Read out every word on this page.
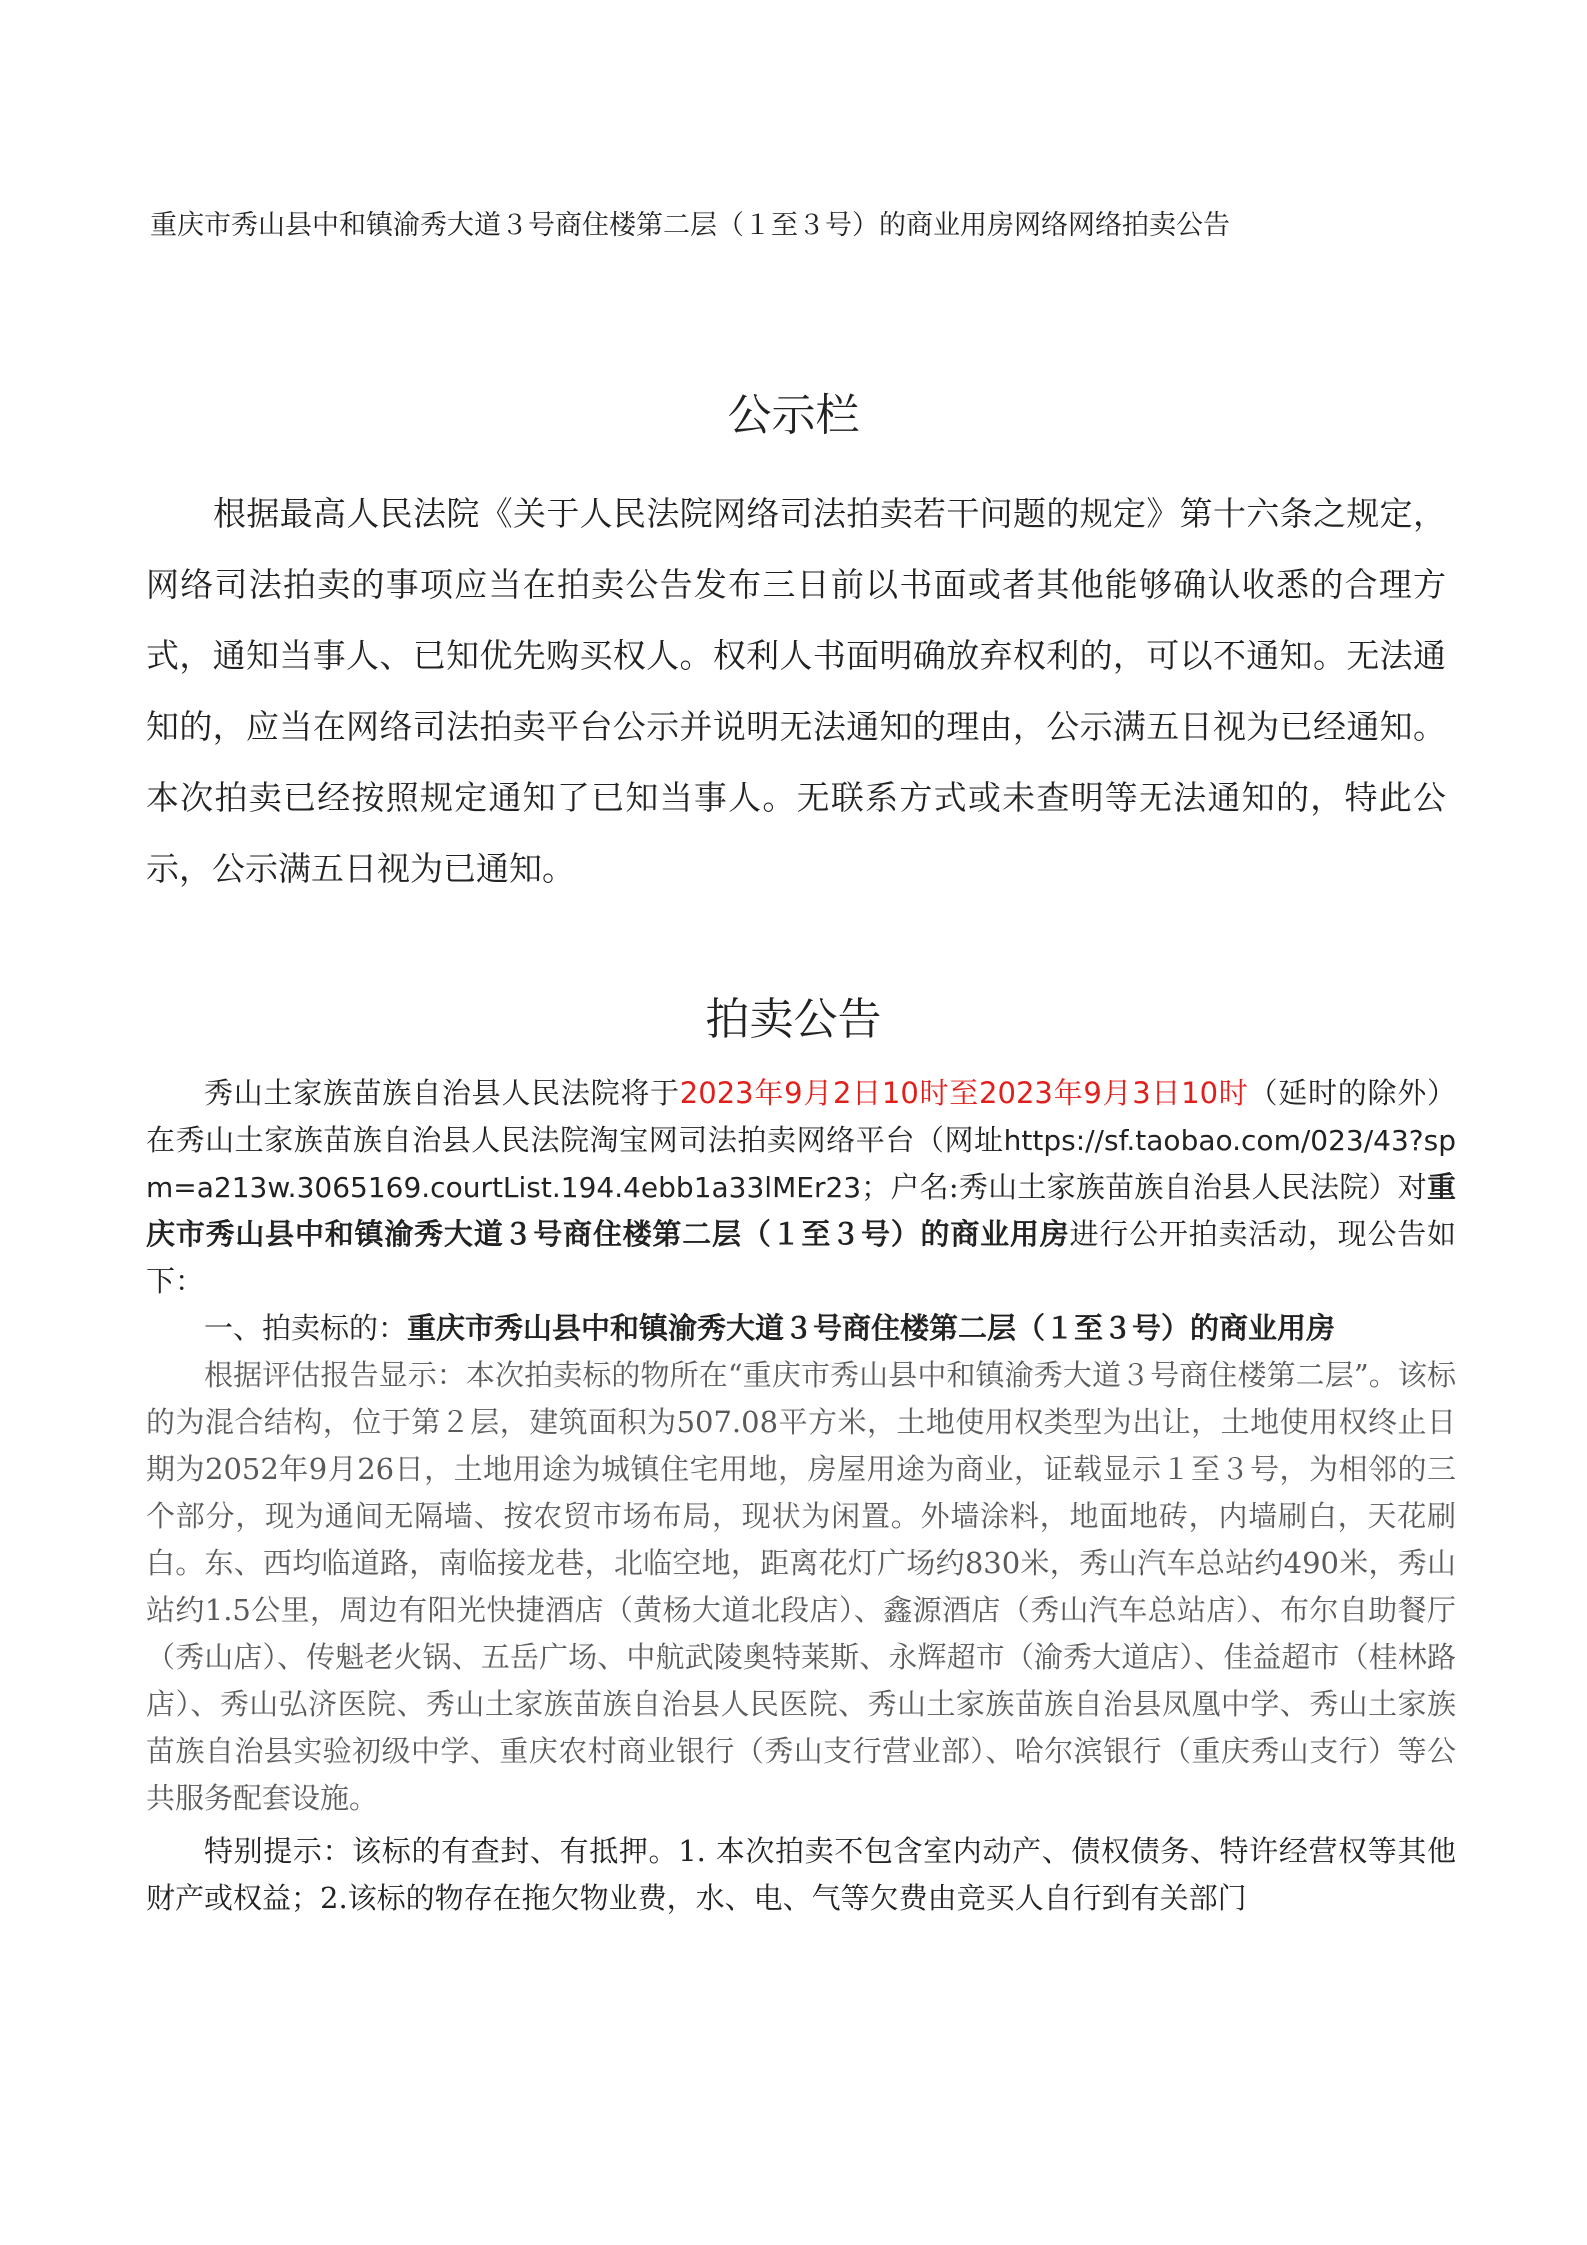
重庆市秀山县中和镇渝秀大道３号商住楼第二层（１至３号）的商业用房网络网络拍卖公告
公示栏

根据最高人民法院《关于人民法院网络司法拍卖若干问题的规定》第十六条之规定，网络司法拍卖的事项应当在拍卖公告发布三日前以书面或者其他能够确认收悉的合理方式，通知当事人、已知优先购买权人。权利人书面明确放弃权利的，可以不通知。无法通知的，应当在网络司法拍卖平台公示并说明无法通知的理由，公示满五日视为已经通知。本次拍卖已经按照规定通知了已知当事人。无联系方式或未查明等无法通知的，特此公示，公示满五日视为已通知。

拍卖公告

秀山土家族苗族自治县人民法院将于2023年9月2日10时至2023年9月3日10时（延时的除外）在秀山土家族苗族自治县人民法院淘宝网司法拍卖网络平台（网址https://sf.taobao.com/023/43?spm=a213w.3065169.courtList.194.4ebb1a33lMEr23；户名:秀山土家族苗族自治县人民法院）对重庆市秀山县中和镇渝秀大道３号商住楼第二层（１至３号）的商业用房进行公开拍卖活动，现公告如下：

一、拍卖标的：重庆市秀山县中和镇渝秀大道３号商住楼第二层（１至３号）的商业用房

根据评估报告显示：本次拍卖标的物所在“重庆市秀山县中和镇渝秀大道３号商住楼第二层”。该标的为混合结构，位于第２层，建筑面积为507.08平方米，土地使用权类型为出让，土地使用权终止日期为2052年9月26日，土地用途为城镇住宅用地，房屋用途为商业，证载显示１至３号，为相邻的三个部分，现为通间无隔墙、按农贸市场布局，现状为闲置。外墙涂料，地面地砖，内墙刷白，天花刷白。东、西均临道路，南临接龙巷，北临空地，距离花灯广场约830米，秀山汽车总站约490米，秀山站约1.5公里，周边有阳光快捷酒店（黄杨大道北段店）、鑫源酒店（秀山汽车总站店）、布尔自助餐厅（秀山店）、传魁老火锅、五岳广场、中航武陵奥特莱斯、永辉超市（渝秀大道店）、佳益超市（桂林路店）、秀山弘济医院、秀山土家族苗族自治县人民医院、秀山土家族苗族自治县凤凰中学、秀山土家族苗族自治县实验初级中学、重庆农村商业银行（秀山支行营业部）、哈尔滨银行（重庆秀山支行）等公共服务配套设施。

特别提示：该标的有查封、有抵押。1. 本次拍卖不包含室内动产、债权债务、特许经营权等其他财产或权益；2.该标的物存在拖欠物业费，水、电、气等欠费由竞买人自行到有关部门
